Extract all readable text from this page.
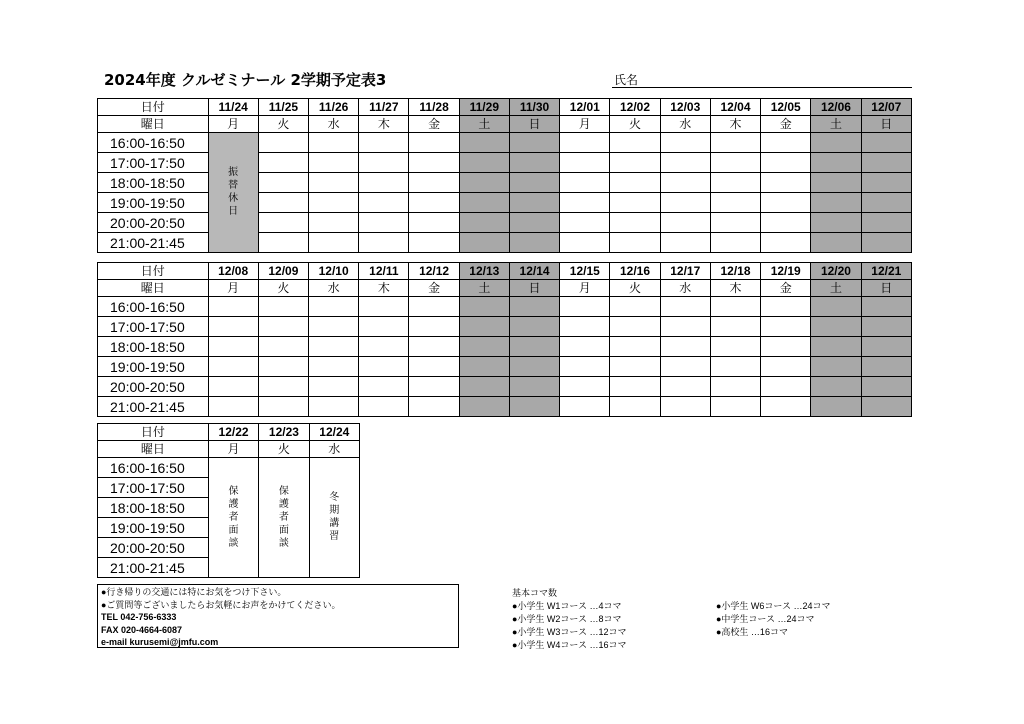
2024年度 クルゼミナール 2学期予定表3	氏名
日付	11/24	11/25	11/26	11/27	11/28	11/29	11/30	12/01	12/02	12/03	12/04	12/05	12/06	12/07
曜日	月	火	水	木	金	土	日	月	火	水	木	金	土	日
16:00-16:50	振替休日													
17:00-17:50														
18:00-18:50														
19:00-19:50														
20:00-20:50														
21:00-21:45														
日付	12/08	12/09	12/10	12/11	12/12	12/13	12/14	12/15	12/16	12/17	12/18	12/19	12/20	12/21
曜日	月	火	水	木	金	土	日	月	火	水	木	金	土	日
16:00-16:50														
17:00-17:50														
18:00-18:50														
19:00-19:50														
20:00-20:50														
21:00-21:45														
日付	12/22	12/23	12/24
曜日	月	火	水
16:00-16:50	保護者面談	保護者面談	冬期講習
17:00-17:50			
18:00-18:50			
19:00-19:50			
20:00-20:50			
21:00-21:45			
●行き帰りの交通には特にお気をつけ下さい。
●ご質問等ございましたらお気軽にお声をかけてください。
TEL 042-756-6333
FAX 020-4664-6087
e-mail kurusemi@jmfu.com
基本コマ数
●小学生 W1コース …4コマ
●小学生 W2コース …8コマ
●小学生 W3コース …12コマ
●小学生 W4コース …16コマ
●小学生 W6コース …24コマ
●中学生コース …24コマ
●高校生 …16コマ
